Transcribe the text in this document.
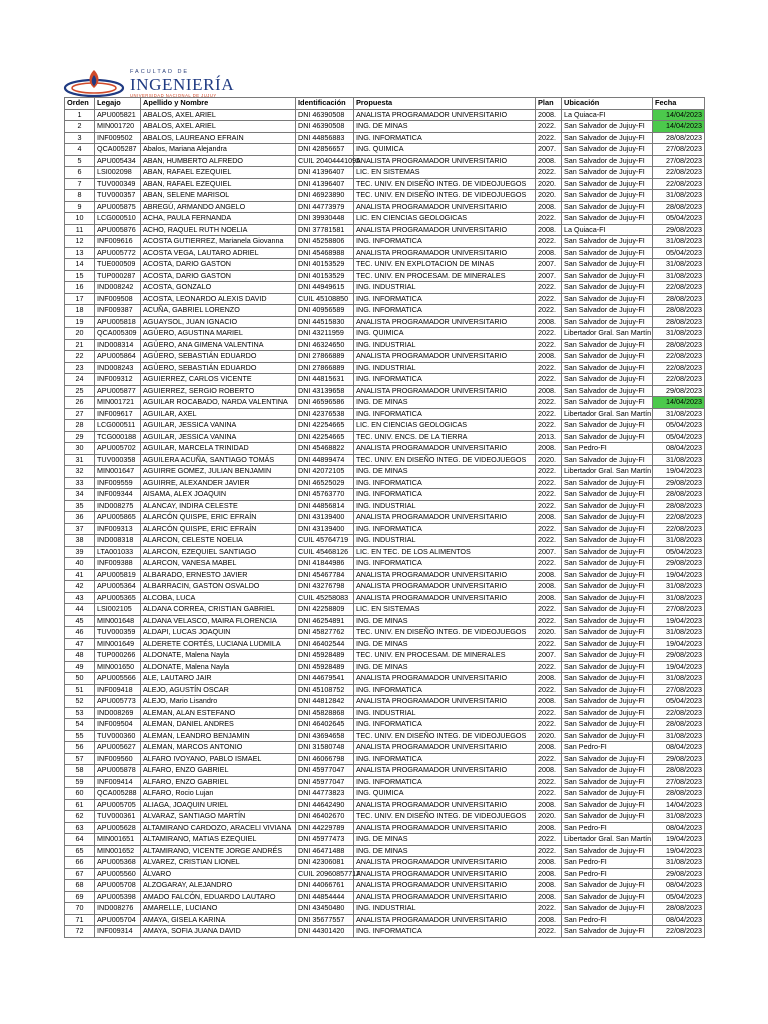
FACULTAD DE
INGENIERÍA
UNIVERSIDAD NACIONAL DE JUJUY
Orden	Legajo	Apellido y Nombre	Identificación	Propuesta	Plan	Ubicación	Fecha
1	APU005821	ABALOS, AXEL ARIEL	DNI 46390508	ANALISTA PROGRAMADOR UNIVERSITARIO	2008.	La Quiaca-FI	14/04/2023
2	MIN001720	ABALOS, AXEL ARIEL	DNI 46390508	ING. DE MINAS	2022.	San Salvador de Jujuy-FI	14/04/2023
3	INF009502	ABALOS, LAUREANO EFRAIN	DNI 44856883	ING. INFORMATICA	2022.	San Salvador de Jujuy-FI	28/08/2023
4	QCA005287	Abalos, Mariana Alejandra	DNI 42856657	ING. QUIMICA	2007.	San Salvador de Jujuy-FI	27/08/2023
5	APU005434	ABAN, HUMBERTO ALFREDO	CUIL 20404441095	ANALISTA PROGRAMADOR UNIVERSITARIO	2008.	San Salvador de Jujuy-FI	27/08/2023
6	LSI002098	ABAN, RAFAEL EZEQUIEL	DNI 41396407	LIC. EN SISTEMAS	2022.	San Salvador de Jujuy-FI	22/08/2023
7	TUV000349	ABAN, RAFAEL EZEQUIEL	DNI 41396407	TEC. UNIV. EN DISEÑO INTEG. DE VIDEOJUEGOS	2020.	San Salvador de Jujuy-FI	22/08/2023
8	TUV000357	ABAN, SELENE MARISOL	DNI 46923890	TEC. UNIV. EN DISEÑO INTEG. DE VIDEOJUEGOS	2020.	San Salvador de Jujuy-FI	31/08/2023
9	APU005875	ABREGÚ, ARMANDO ANGELO	DNI 44773979	ANALISTA PROGRAMADOR UNIVERSITARIO	2008.	San Salvador de Jujuy-FI	28/08/2023
10	LCG000510	ACHA, PAULA FERNANDA	DNI 39930448	LIC. EN CIENCIAS GEOLOGICAS	2022.	San Salvador de Jujuy-FI	05/04/2023
11	APU005876	ACHO, RAQUEL RUTH NOELIA	DNI 37781581	ANALISTA PROGRAMADOR UNIVERSITARIO	2008.	La Quiaca-FI	29/08/2023
12	INF009616	ACOSTA GUTIERREZ, Marianela Giovanna	DNI 45258806	ING. INFORMATICA	2022.	San Salvador de Jujuy-FI	31/08/2023
13	APU005772	ACOSTA VEGA, LAUTARO ADRIEL	DNI 45468988	ANALISTA PROGRAMADOR UNIVERSITARIO	2008.	San Salvador de Jujuy-FI	05/04/2023
14	TUE000509	ACOSTA, DARIO GASTON	DNI 40153529	TEC. UNIV. EN EXPLOTACION DE MINAS	2007.	San Salvador de Jujuy-FI	31/08/2023
15	TUP000287	ACOSTA, DARIO GASTON	DNI 40153529	TEC. UNIV. EN PROCESAM. DE MINERALES	2007.	San Salvador de Jujuy-FI	31/08/2023
16	IND008242	ACOSTA, GONZALO	DNI 44949615	ING. INDUSTRIAL	2022.	San Salvador de Jujuy-FI	22/08/2023
17	INF009508	ACOSTA, LEONARDO ALEXIS DAVID	CUIL 45108850	ING. INFORMATICA	2022.	San Salvador de Jujuy-FI	28/08/2023
18	INF009387	ACUÑA, GABRIEL LORENZO	DNI 40956589	ING. INFORMATICA	2022.	San Salvador de Jujuy-FI	28/08/2023
19	APU005818	AGUAYSOL, JUAN IGNACIO	DNI 44515830	ANALISTA PROGRAMADOR UNIVERSITARIO	2008.	San Salvador de Jujuy-FI	28/08/2023
20	QCA005309	AGÜERO, AGUSTINA MARIEL	DNI 43211959	ING. QUIMICA	2022.	Libertador Gral. San Martín	31/08/2023
21	IND008314	AGÜERO, ANA GIMENA VALENTINA	DNI 46324650	ING. INDUSTRIAL	2022.	San Salvador de Jujuy-FI	28/08/2023
22	APU005864	AGÜERO, SEBASTIÁN EDUARDO	DNI 27866889	ANALISTA PROGRAMADOR UNIVERSITARIO	2008.	San Salvador de Jujuy-FI	22/08/2023
23	IND008243	AGÜERO, SEBASTIÁN EDUARDO	DNI 27866889	ING. INDUSTRIAL	2022.	San Salvador de Jujuy-FI	22/08/2023
24	INF009312	AGUIERREZ, CARLOS VICENTE	DNI 44815631	ING. INFORMATICA	2022.	San Salvador de Jujuy-FI	22/08/2023
25	APU005877	AGUIERREZ, SERGIO ROBERTO	DNI 43139658	ANALISTA PROGRAMADOR UNIVERSITARIO	2008.	San Salvador de Jujuy-FI	29/08/2023
26	MIN001721	AGUILAR ROCABADO, NARDA VALENTINA	DNI 46596586	ING. DE MINAS	2022.	San Salvador de Jujuy-FI	14/04/2023
27	INF009617	AGUILAR, AXEL	DNI 42376538	ING. INFORMATICA	2022.	Libertador Gral. San Martín	31/08/2023
28	LCG000511	AGUILAR, JESSICA VANINA	DNI 42254665	LIC. EN CIENCIAS GEOLOGICAS	2022.	San Salvador de Jujuy-FI	05/04/2023
29	TCG000188	AGUILAR, JESSICA VANINA	DNI 42254665	TEC. UNIV. ENCS. DE LA TIERRA	2013.	San Salvador de Jujuy-FI	05/04/2023
30	APU005702	AGUILAR, MARCELA TRINIDAD	DNI 45468822	ANALISTA PROGRAMADOR UNIVERSITARIO	2008.	San Pedro-FI	08/04/2023
31	TUV000358	AGUILERA ACUÑA, SANTIAGO TOMÁS	DNI 44899474	TEC. UNIV. EN DISEÑO INTEG. DE VIDEOJUEGOS	2020.	San Salvador de Jujuy-FI	31/08/2023
32	MIN001647	AGUIRRE GOMEZ, JULIAN BENJAMIN	DNI 42072105	ING. DE MINAS	2022.	Libertador Gral. San Martín	19/04/2023
33	INF009559	AGUIRRE, ALEXANDER JAVIER	DNI 46525029	ING. INFORMATICA	2022.	San Salvador de Jujuy-FI	29/08/2023
34	INF009344	AISAMA, ALEX JOAQUIN	DNI 45763770	ING. INFORMATICA	2022.	San Salvador de Jujuy-FI	28/08/2023
35	IND008275	ALANCAY, INDIRA CELESTE	DNI 44856814	ING. INDUSTRIAL	2022.	San Salvador de Jujuy-FI	28/08/2023
36	APU005865	ALARCÓN QUISPE, ERIC EFRAÍN	DNI 43139400	ANALISTA PROGRAMADOR UNIVERSITARIO	2008.	San Salvador de Jujuy-FI	22/08/2023
37	INF009313	ALARCÓN QUISPE, ERIC EFRAÍN	DNI 43139400	ING. INFORMATICA	2022.	San Salvador de Jujuy-FI	22/08/2023
38	IND008318	ALARCON, CELESTE NOELIA	CUIL 45764719	ING. INDUSTRIAL	2022.	San Salvador de Jujuy-FI	31/08/2023
39	LTA001033	ALARCON, EZEQUIEL SANTIAGO	CUIL 45468126	LIC. EN TEC. DE LOS ALIMENTOS	2007.	San Salvador de Jujuy-FI	05/04/2023
40	INF009388	ALARCON, VANESA MABEL	DNI 41844986	ING. INFORMATICA	2022.	San Salvador de Jujuy-FI	29/08/2023
41	APU005819	ALBARADO, ERNESTO JAVIER	DNI 45467784	ANALISTA PROGRAMADOR UNIVERSITARIO	2008.	San Salvador de Jujuy-FI	19/04/2023
42	APU005364	ALBARRACIN, GASTON OSVALDO	DNI 43276798	ANALISTA PROGRAMADOR UNIVERSITARIO	2008.	San Salvador de Jujuy-FI	31/08/2023
43	APU005365	ALCOBA, LUCA	CUIL 45258083	ANALISTA PROGRAMADOR UNIVERSITARIO	2008.	San Salvador de Jujuy-FI	31/08/2023
44	LSI002105	ALDANA CORREA, CRISTIAN GABRIEL	DNI 42258809	LIC. EN SISTEMAS	2022.	San Salvador de Jujuy-FI	27/08/2023
45	MIN001648	ALDANA VELASCO, MAIRA FLORENCIA	DNI 46254891	ING. DE MINAS	2022.	San Salvador de Jujuy-FI	19/04/2023
46	TUV000359	ALDAPI, LUCAS JOAQUIN	DNI 45827762	TEC. UNIV. EN DISEÑO INTEG. DE VIDEOJUEGOS	2020.	San Salvador de Jujuy-FI	31/08/2023
47	MIN001649	ALDERETE CORTÉS, LUCIANA LUDMILA	DNI 46402544	ING. DE MINAS	2022.	San Salvador de Jujuy-FI	19/04/2023
48	TUP000266	ALDONATE, Malena Nayla	DNI 45928489	TEC. UNIV. EN PROCESAM. DE MINERALES	2007.	San Salvador de Jujuy-FI	29/08/2023
49	MIN001650	ALDONATE, Malena Nayla	DNI 45928489	ING. DE MINAS	2022.	San Salvador de Jujuy-FI	19/04/2023
50	APU005566	ALE, LAUTARO JAIR	DNI 44679541	ANALISTA PROGRAMADOR UNIVERSITARIO	2008.	San Salvador de Jujuy-FI	31/08/2023
51	INF009418	ALEJO, AGUSTÍN OSCAR	DNI 45108752	ING. INFORMATICA	2022.	San Salvador de Jujuy-FI	27/08/2023
52	APU005773	ALEJO, Mario Lisandro	DNI 44812842	ANALISTA PROGRAMADOR UNIVERSITARIO	2008.	San Salvador de Jujuy-FI	05/04/2023
53	IND008269	ALEMAN, ALAN ESTEFANO	DNI 45828868	ING. INDUSTRIAL	2022.	San Salvador de Jujuy-FI	22/08/2023
54	INF009504	ALEMAN, DANIEL ANDRES	DNI 46402645	ING. INFORMATICA	2022.	San Salvador de Jujuy-FI	28/08/2023
55	TUV000360	ALEMAN, LEANDRO BENJAMIN	DNI 43694658	TEC. UNIV. EN DISEÑO INTEG. DE VIDEOJUEGOS	2020.	San Salvador de Jujuy-FI	31/08/2023
56	APU005627	ALEMAN, MARCOS ANTONIO	DNI 31580748	ANALISTA PROGRAMADOR UNIVERSITARIO	2008.	San Pedro-FI	08/04/2023
57	INF009560	ALFARO IVOYANO, PABLO ISMAEL	DNI 46066798	ING. INFORMATICA	2022.	San Salvador de Jujuy-FI	29/08/2023
58	APU005878	ALFARO, ENZO GABRIEL	DNI 45977047	ANALISTA PROGRAMADOR UNIVERSITARIO	2008.	San Salvador de Jujuy-FI	28/08/2023
59	INF009414	ALFARO, ENZO GABRIEL	DNI 45977047	ING. INFORMATICA	2022.	San Salvador de Jujuy-FI	27/08/2023
60	QCA005288	ALFARO, Rocio Lujan	DNI 44773823	ING. QUIMICA	2022.	San Salvador de Jujuy-FI	28/08/2023
61	APU005705	ALIAGA, JOAQUIN URIEL	DNI 44642490	ANALISTA PROGRAMADOR UNIVERSITARIO	2008.	San Salvador de Jujuy-FI	14/04/2023
62	TUV000361	ALVARAZ, SANTIAGO MARTÍN	DNI 46402670	TEC. UNIV. EN DISEÑO INTEG. DE VIDEOJUEGOS	2020.	San Salvador de Jujuy-FI	31/08/2023
63	APU005628	ALTAMIRANO CARDOZO, ARACELI VIVIANA	DNI 44229789	ANALISTA PROGRAMADOR UNIVERSITARIO	2008.	San Pedro-FI	08/04/2023
64	MIN001651	ALTAMIRANO, MATIAS EZEQUIEL	DNI 45977473	ING. DE MINAS	2022.	Libertador Gral. San Martín	19/04/2023
65	MIN001652	ALTAMIRANO, VICENTE JORGE ANDRÉS	DNI 46471488	ING. DE MINAS	2022.	San Salvador de Jujuy-FI	19/04/2023
66	APU005368	ALVAREZ, CRISTIAN LIONEL	DNI 42306081	ANALISTA PROGRAMADOR UNIVERSITARIO	2008.	San Pedro-FI	31/08/2023
67	APU005560	ÁLVARO	CUIL 20960857717	ANALISTA PROGRAMADOR UNIVERSITARIO	2008.	San Pedro-FI	29/08/2023
68	APU005708	ALZOGARAY, ALEJANDRO	DNI 44066761	ANALISTA PROGRAMADOR UNIVERSITARIO	2008.	San Salvador de Jujuy-FI	08/04/2023
69	APU005398	AMADO FALCÓN, EDUARDO LAUTARO	DNI 44854444	ANALISTA PROGRAMADOR UNIVERSITARIO	2008.	San Salvador de Jujuy-FI	05/04/2023
70	IND008276	AMARELLE, LUCIANO	DNI 43450480	ING. INDUSTRIAL	2022.	San Salvador de Jujuy-FI	28/08/2023
71	APU005704	AMAYA, GISELA KARINA	DNI 35677557	ANALISTA PROGRAMADOR UNIVERSITARIO	2008.	San Pedro-FI	08/04/2023
72	INF009314	AMAYA, SOFIA JUANA DAVID	DNI 44301420	ING. INFORMATICA	2022.	San Salvador de Jujuy-FI	22/08/2023
